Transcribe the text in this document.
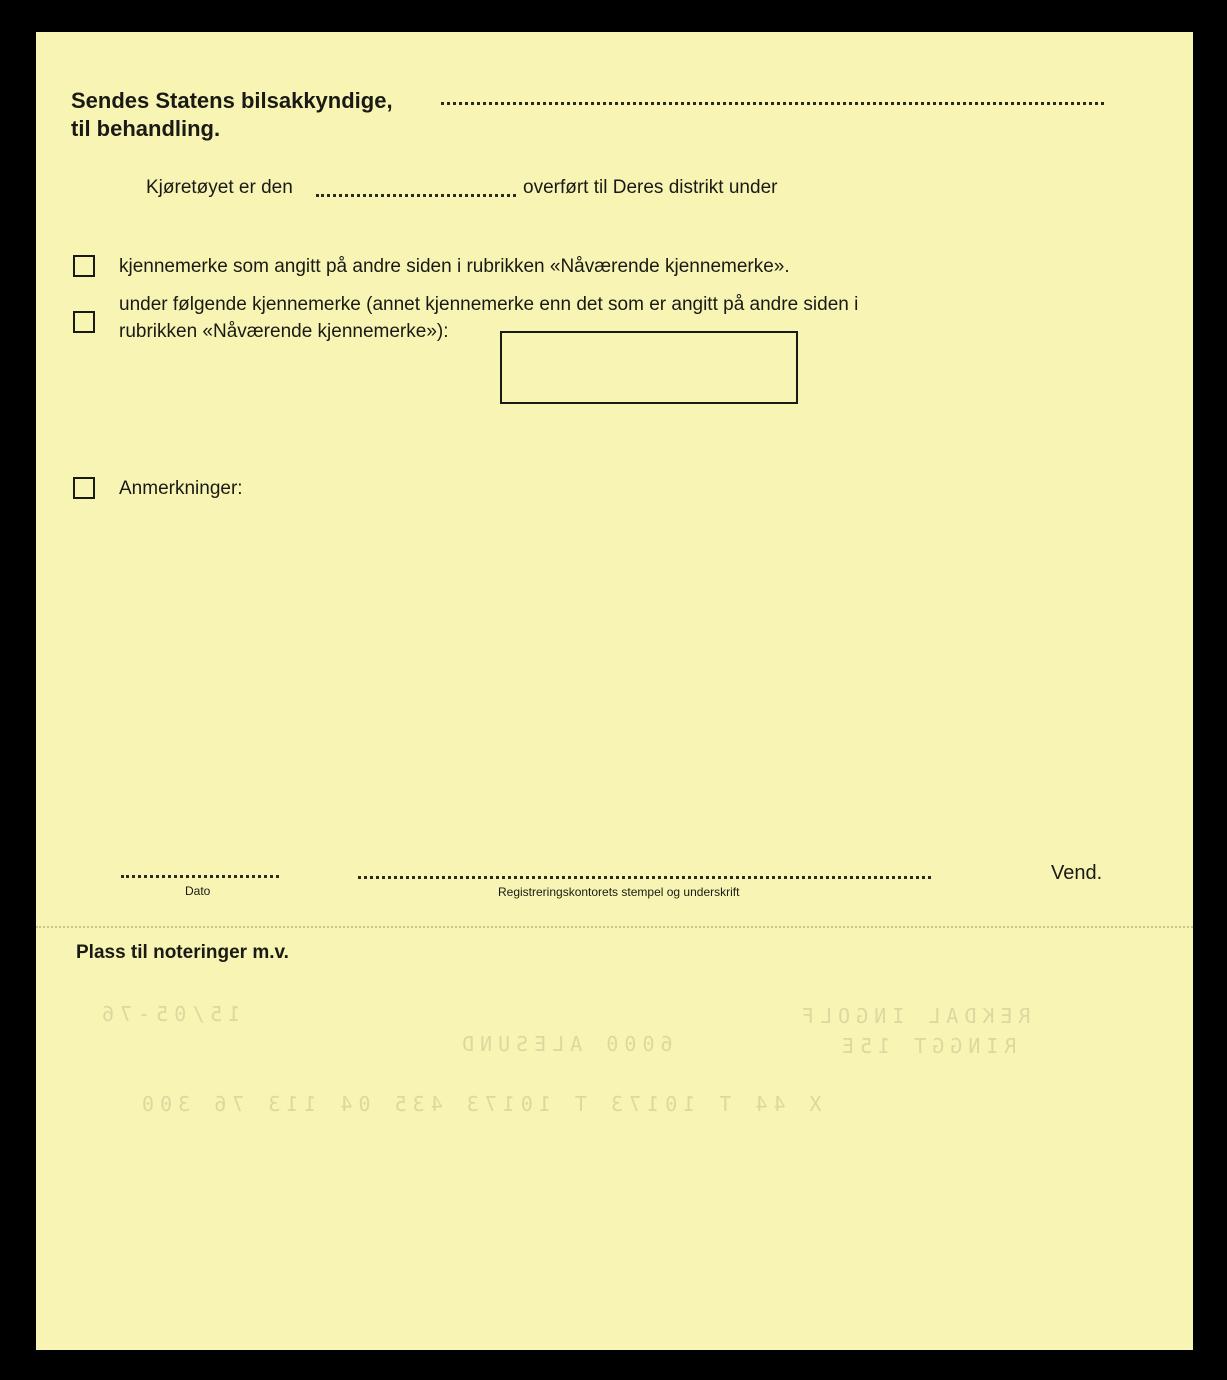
15/05-76	REKDAL INGOLF
6000 ALESUND	RINGGT 15E
X 44 T 10173 T 10173 435 04 113 76 300
Sendes Statens bilsakkyndige,
til behandling.
Kjøretøyet er den	overført til Deres distrikt under
kjennemerke som angitt på andre siden i rubrikken «Nåværende kjennemerke».
under følgende kjennemerke (annet kjennemerke enn det som er angitt på andre siden i
rubrikken «Nåværende kjennemerke»):
Anmerkninger:
Dato	Registreringskontorets stempel og underskrift
Vend.
Plass til noteringer m.v.
